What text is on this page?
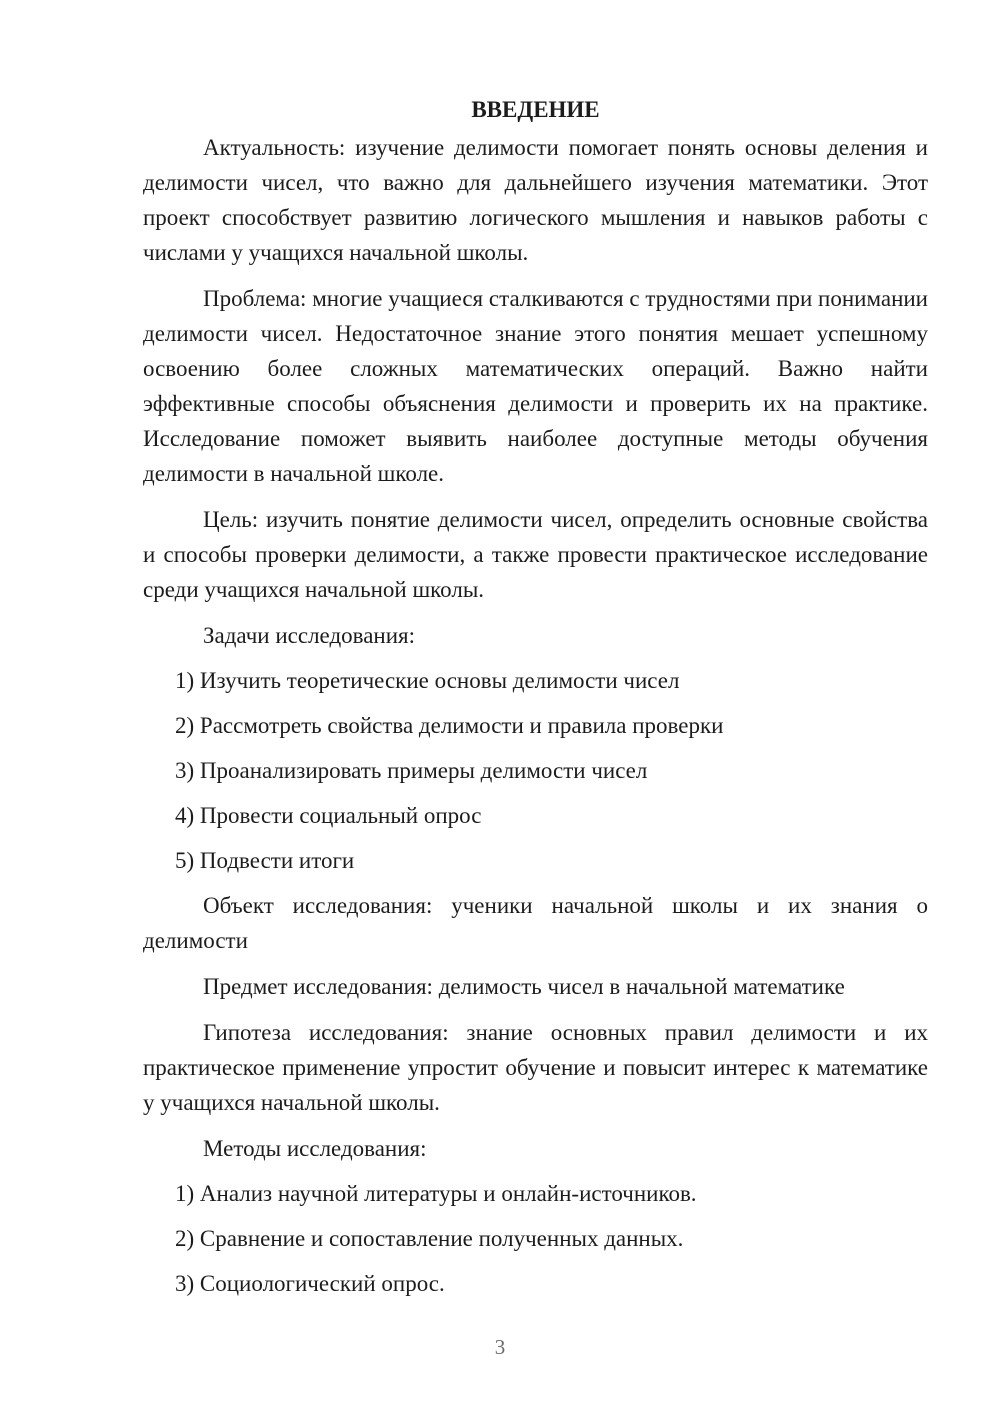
ВВЕДЕНИЕ

Актуальность: изучение делимости помогает понять основы деления и делимости чисел, что важно для дальнейшего изучения математики. Этот проект способствует развитию логического мышления и навыков работы с числами у учащихся начальной школы.

Проблема: многие учащиеся сталкиваются с трудностями при понимании делимости чисел. Недостаточное знание этого понятия мешает успешному освоению более сложных математических операций. Важно найти эффективные способы объяснения делимости и проверить их на практике. Исследование поможет выявить наиболее доступные методы обучения делимости в начальной школе.

Цель: изучить понятие делимости чисел, определить основные свойства и способы проверки делимости, а также провести практическое исследование среди учащихся начальной школы.

Задачи исследования:
1) Изучить теоретические основы делимости чисел
2) Рассмотреть свойства делимости и правила проверки
3) Проанализировать примеры делимости чисел
4) Провести социальный опрос
5) Подвести итоги

Объект исследования: ученики начальной школы и их знания о делимости

Предмет исследования: делимость чисел в начальной математике

Гипотеза исследования: знание основных правил делимости и их практическое применение упростит обучение и повысит интерес к математике у учащихся начальной школы.

Методы исследования:
1) Анализ научной литературы и онлайн-источников.
2) Сравнение и сопоставление полученных данных.
3) Социологический опрос.
3
